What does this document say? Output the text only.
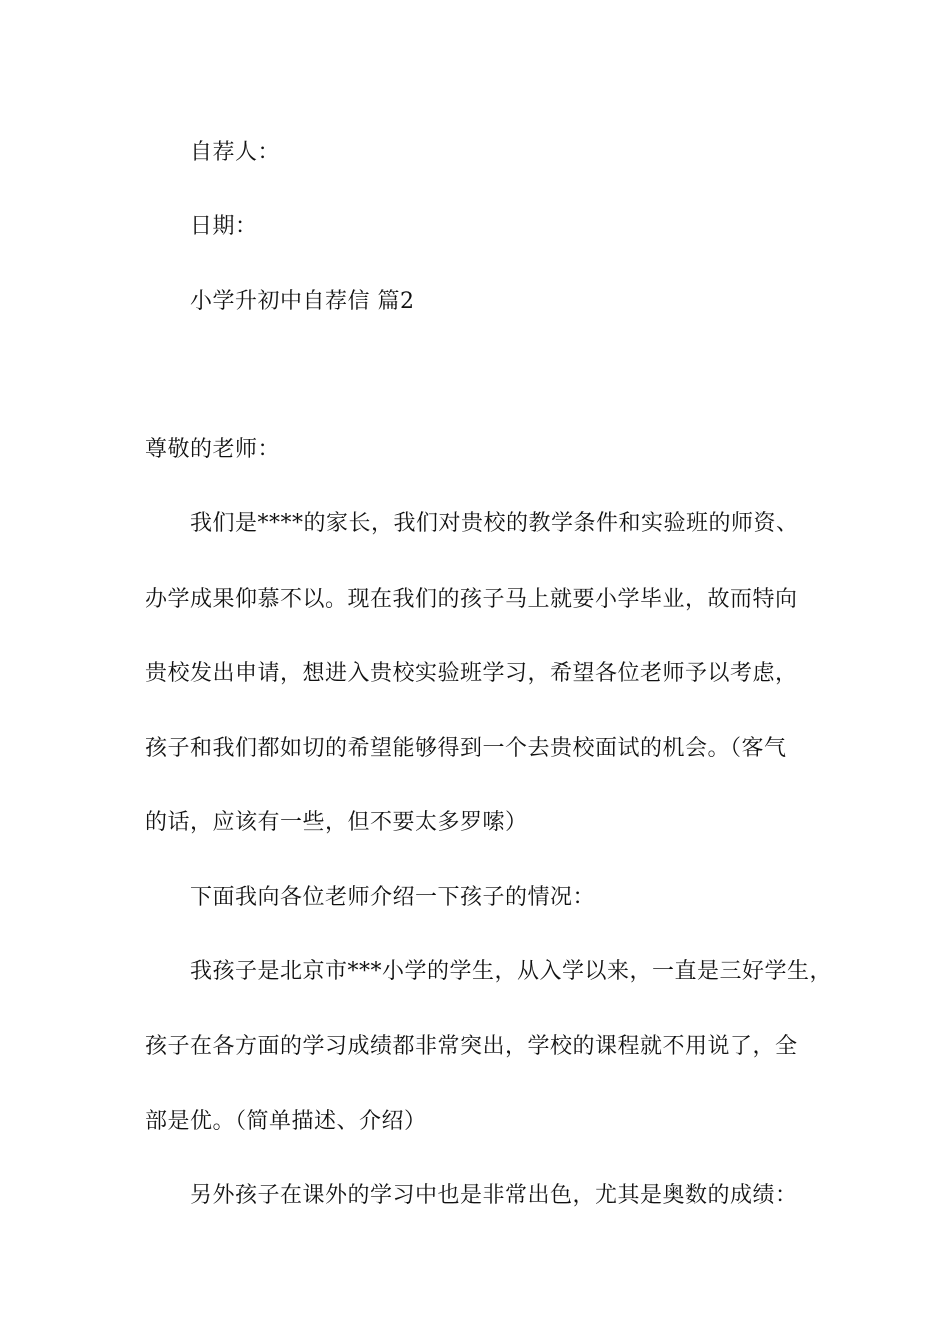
自荐人：
日期：
小学升初中自荐信 篇2
尊敬的老师：
我们是****的家长，我们对贵校的教学条件和实验班的师资、
办学成果仰慕不以。现在我们的孩子马上就要小学毕业，故而特向
贵校发出申请，想进入贵校实验班学习，希望各位老师予以考虑，
孩子和我们都如切的希望能够得到一个去贵校面试的机会。（客气
的话，应该有一些，但不要太多罗嗦）
下面我向各位老师介绍一下孩子的情况：
我孩子是北京市***小学的学生，从入学以来，一直是三好学生，
孩子在各方面的学习成绩都非常突出，学校的课程就不用说了，全
部是优。（简单描述、介绍）
另外孩子在课外的学习中也是非常出色，尤其是奥数的成绩：
